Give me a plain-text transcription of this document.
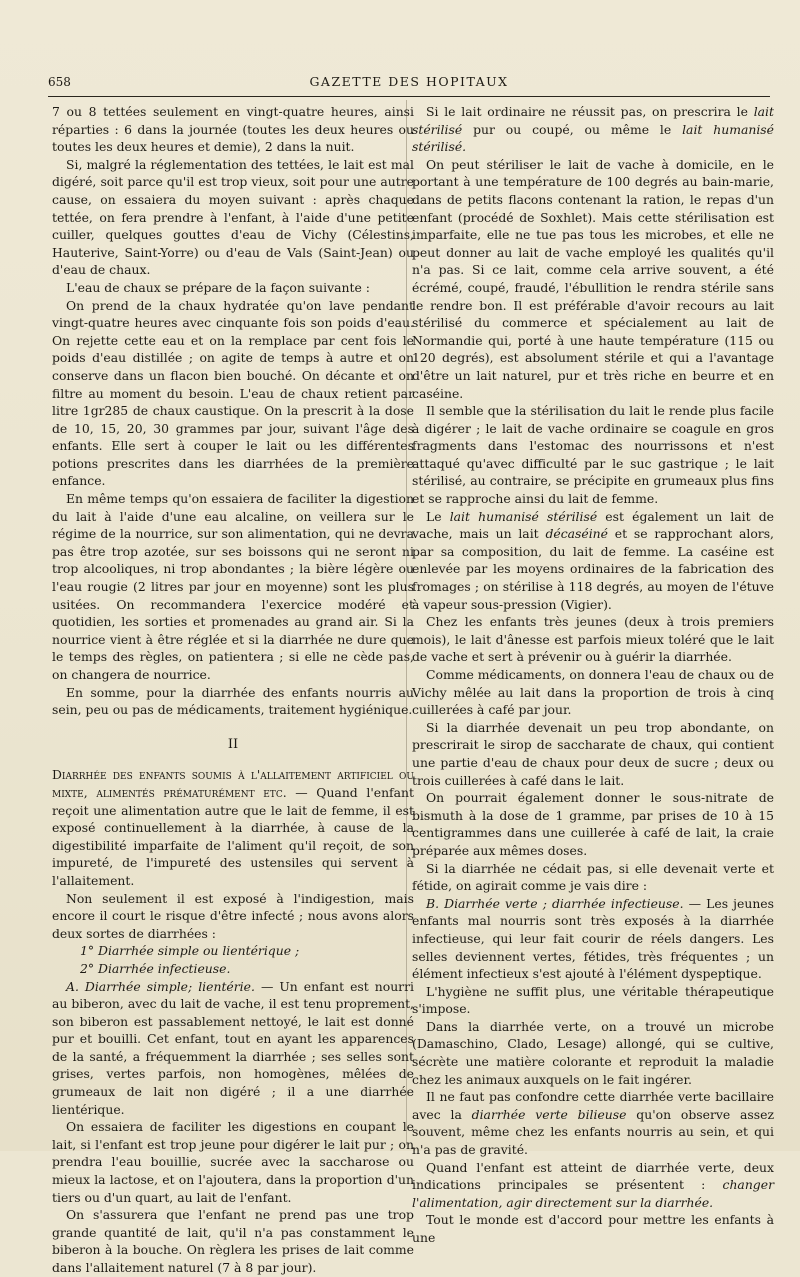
658	GAZETTE DES HOPITAUX

7 ou 8 tettées seulement en vingt-quatre heures, ainsi réparties : 6 dans la journée (toutes les deux heures ou toutes les deux heures et demie), 2 dans la nuit.

Si, malgré la réglementation des tettées, le lait est mal digéré, soit parce qu'il est trop vieux, soit pour une autre cause, on essaiera du moyen suivant : après chaque tettée, on fera prendre à l'enfant, à l'aide d'une petite cuiller, quelques gouttes d'eau de Vichy (Célestins, Hauterive, Saint-Yorre) ou d'eau de Vals (Saint-Jean) ou d'eau de chaux.

L'eau de chaux se prépare de la façon suivante :

On prend de la chaux hydratée qu'on lave pendant vingt-quatre heures avec cinquante fois son poids d'eau. On rejette cette eau et on la remplace par cent fois le poids d'eau distillée ; on agite de temps à autre et on conserve dans un flacon bien bouché. On décante et on filtre au moment du besoin. L'eau de chaux retient par litre 1gr285 de chaux caustique. On la prescrit à la dose de 10, 15, 20, 30 grammes par jour, suivant l'âge des enfants. Elle sert à couper le lait ou les différentes potions prescrites dans les diarrhées de la première enfance.

En même temps qu'on essaiera de faciliter la digestion du lait à l'aide d'une eau alcaline, on veillera sur le régime de la nourrice, sur son alimentation, qui ne devra pas être trop azotée, sur ses boissons qui ne seront ni trop alcooliques, ni trop abondantes ; la bière légère ou l'eau rougie (2 litres par jour en moyenne) sont les plus usitées. On recommandera l'exercice modéré et quotidien, les sorties et promenades au grand air. Si la nourrice vient à être réglée et si la diarrhée ne dure que le temps des règles, on patientera ; si elle ne cède pas, on changera de nourrice.

En somme, pour la diarrhée des enfants nourris au sein, peu ou pas de médicaments, traitement hygiénique.

II

Diarrhée des enfants soumis à l'allaitement artificiel ou mixte, alimentés prématurément etc. — Quand l'enfant reçoit une alimentation autre que le lait de femme, il est exposé continuellement à la diarrhée, à cause de la digestibilité imparfaite de l'aliment qu'il reçoit, de son impureté, de l'impureté des ustensiles qui servent à l'allaitement.

Non seulement il est exposé à l'indigestion, mais encore il court le risque d'être infecté ; nous avons alors deux sortes de diarrhées :

1° Diarrhée simple ou lientérique ;

2° Diarrhée infectieuse.

A. Diarrhée simple; lientérie. — Un enfant est nourri au biberon, avec du lait de vache, il est tenu proprement, son biberon est passablement nettoyé, le lait est donné pur et bouilli. Cet enfant, tout en ayant les apparences de la santé, a fréquemment la diarrhée ; ses selles sont grises, vertes parfois, non homogènes, mêlées de grumeaux de lait non digéré ; il a une diarrhée lientérique.

On essaiera de faciliter les digestions en coupant le lait, si l'enfant est trop jeune pour digérer le lait pur ; on prendra l'eau bouillie, sucrée avec la saccharose ou mieux la lactose, et on l'ajoutera, dans la proportion d'un tiers ou d'un quart, au lait de l'enfant.

On s'assurera que l'enfant ne prend pas une trop grande quantité de lait, qu'il n'a pas constamment le biberon à la bouche. On règlera les prises de lait comme dans l'allaitement naturel (7 à 8 par jour).

Si le lait ordinaire ne réussit pas, on prescrira le lait stérilisé pur ou coupé, ou même le lait humanisé stérilisé.

On peut stériliser le lait de vache à domicile, en le portant à une température de 100 degrés au bain-marie, dans de petits flacons contenant la ration, le repas d'un enfant (procédé de Soxhlet). Mais cette stérilisation est imparfaite, elle ne tue pas tous les microbes, et elle ne peut donner au lait de vache employé les qualités qu'il n'a pas. Si ce lait, comme cela arrive souvent, a été écrémé, coupé, fraudé, l'ébullition le rendra stérile sans le rendre bon. Il est préférable d'avoir recours au lait stérilisé du commerce et spécialement au lait de Normandie qui, porté à une haute température (115 ou 120 degrés), est absolument stérile et qui a l'avantage d'être un lait naturel, pur et très riche en beurre et en caséine.

Il semble que la stérilisation du lait le rende plus facile à digérer ; le lait de vache ordinaire se coagule en gros fragments dans l'estomac des nourrissons et n'est attaqué qu'avec difficulté par le suc gastrique ; le lait stérilisé, au contraire, se précipite en grumeaux plus fins et se rapproche ainsi du lait de femme.

Le lait humanisé stérilisé est également un lait de vache, mais un lait décaséiné et se rapprochant alors, par sa composition, du lait de femme. La caséine est enlevée par les moyens ordinaires de la fabrication des fromages ; on stérilise à 118 degrés, au moyen de l'étuve à vapeur sous-pression (Vigier).

Chez les enfants très jeunes (deux à trois premiers mois), le lait d'ânesse est parfois mieux toléré que le lait de vache et sert à prévenir ou à guérir la diarrhée.

Comme médicaments, on donnera l'eau de chaux ou de Vichy mêlée au lait dans la proportion de trois à cinq cuillerées à café par jour.

Si la diarrhée devenait un peu trop abondante, on prescrirait le sirop de saccharate de chaux, qui contient une partie d'eau de chaux pour deux de sucre ; deux ou trois cuillerées à café dans le lait.

On pourrait également donner le sous-nitrate de bismuth à la dose de 1 gramme, par prises de 10 à 15 centigrammes dans une cuillerée à café de lait, la craie préparée aux mêmes doses.

Si la diarrhée ne cédait pas, si elle devenait verte et fétide, on agirait comme je vais dire :

B. Diarrhée verte ; diarrhée infectieuse. — Les jeunes enfants mal nourris sont très exposés à la diarrhée infectieuse, qui leur fait courir de réels dangers. Les selles deviennent vertes, fétides, très fréquentes ; un élément infectieux s'est ajouté à l'élément dyspeptique.

L'hygiène ne suffit plus, une véritable thérapeutique s'impose.

Dans la diarrhée verte, on a trouvé un microbe (Damaschino, Clado, Lesage) allongé, qui se cultive, sécrète une matière colorante et reproduit la maladie chez les animaux auxquels on le fait ingérer.

Il ne faut pas confondre cette diarrhée verte bacillaire avec la diarrhée verte bilieuse qu'on observe assez souvent, même chez les enfants nourris au sein, et qui n'a pas de gravité.

Quand l'enfant est atteint de diarrhée verte, deux indications principales se présentent : changer l'alimentation, agir directement sur la diarrhée.

Tout le monde est d'accord pour mettre les enfants à une
